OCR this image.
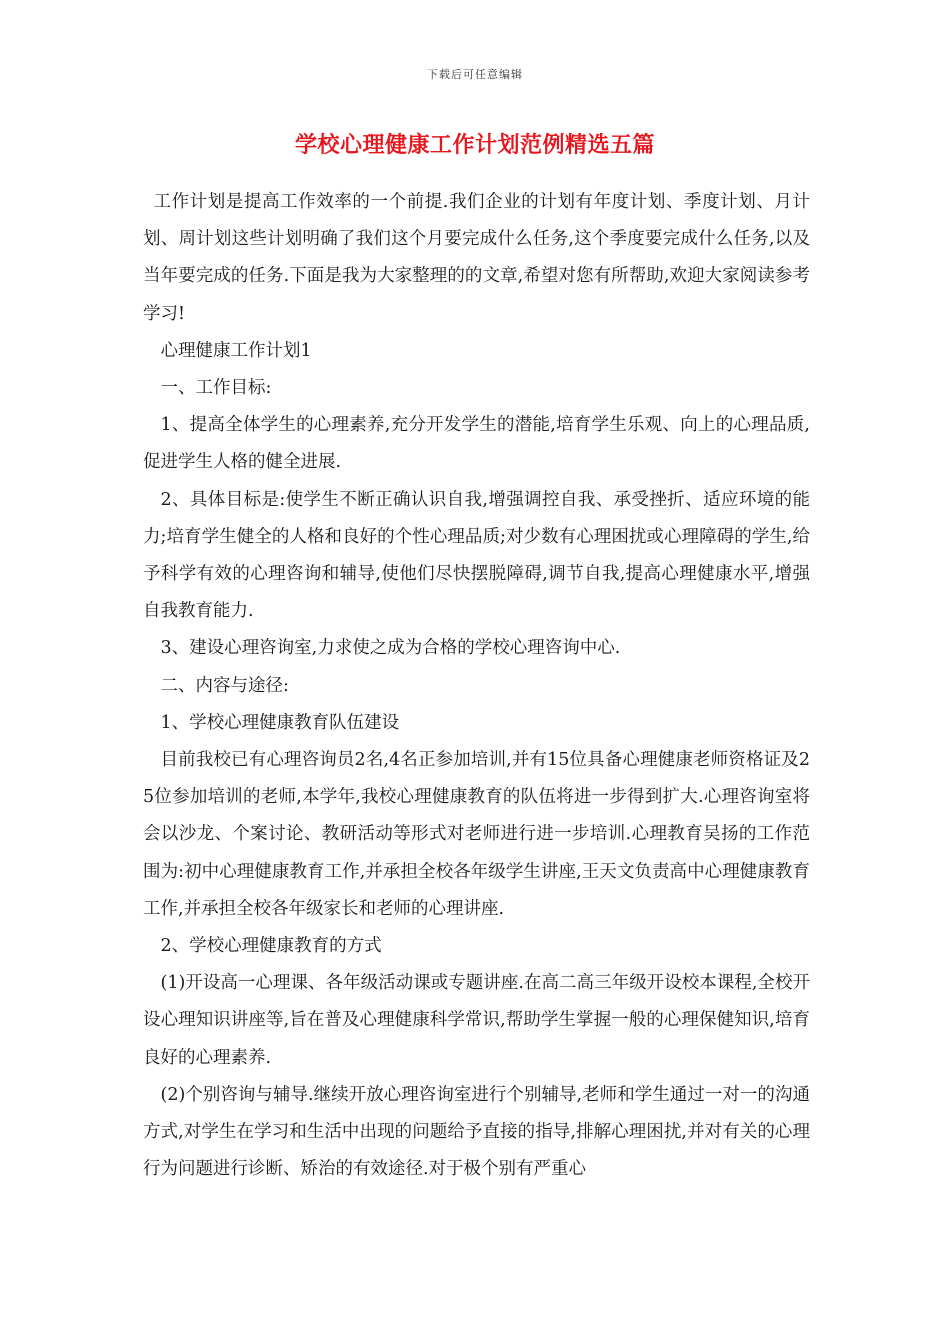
下载后可任意编辑
学校心理健康工作计划范例精选五篇

工作计划是提高工作效率的一个前提.我们企业的计划有年度计划、季度计划、月计划、周计划这些计划明确了我们这个月要完成什么任务,这个季度要完成什么任务,以及当年要完成的任务.下面是我为大家整理的的文章,希望对您有所帮助,欢迎大家阅读参考学习!

心理健康工作计划1

一、工作目标:

1、提高全体学生的心理素养,充分开发学生的潜能,培育学生乐观、向上的心理品质,促进学生人格的健全进展.

2、具体目标是:使学生不断正确认识自我,增强调控自我、承受挫折、适应环境的能力;培育学生健全的人格和良好的个性心理品质;对少数有心理困扰或心理障碍的学生,给予科学有效的心理咨询和辅导,使他们尽快摆脱障碍,调节自我,提高心理健康水平,增强自我教育能力.

3、建设心理咨询室,力求使之成为合格的学校心理咨询中心.

二、内容与途径:

1、学校心理健康教育队伍建设

目前我校已有心理咨询员2名,4名正参加培训,并有15位具备心理健康老师资格证及25位参加培训的老师,本学年,我校心理健康教育的队伍将进一步得到扩大.心理咨询室将会以沙龙、个案讨论、教研活动等形式对老师进行进一步培训.心理教育吴扬的工作范围为:初中心理健康教育工作,并承担全校各年级学生讲座,王天文负责高中心理健康教育工作,并承担全校各年级家长和老师的心理讲座.

2、学校心理健康教育的方式

(1)开设高一心理课、各年级活动课或专题讲座.在高二高三年级开设校本课程,全校开设心理知识讲座等,旨在普及心理健康科学常识,帮助学生掌握一般的心理保健知识,培育良好的心理素养.

(2)个别咨询与辅导.继续开放心理咨询室进行个别辅导,老师和学生通过一对一的沟通方式,对学生在学习和生活中出现的问题给予直接的指导,排解心理困扰,并对有关的心理行为问题进行诊断、矫治的有效途径.对于极个别有严重心
